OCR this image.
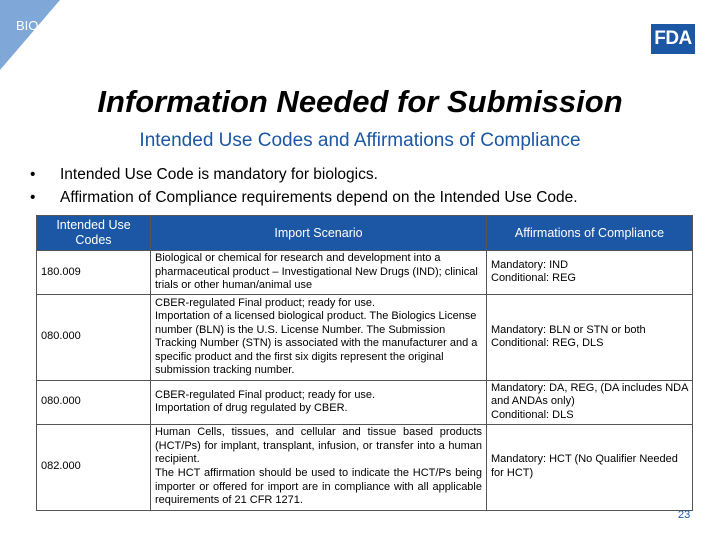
BIO
FDA
Information Needed for Submission
Intended Use Codes and Affirmations of Compliance
• Intended Use Code is mandatory for biologics.
• Affirmation of Compliance requirements depend on the Intended Use Code.
Intended Use Codes	Import Scenario	Affirmations of Compliance
180.009	Biological or chemical for research and development into a pharmaceutical product – Investigational New Drugs (IND); clinical trials or other human/animal use	Mandatory: IND
Conditional: REG
080.000	CBER-regulated Final product; ready for use.
Importation of a licensed biological product. The Biologics License number (BLN) is the U.S. License Number. The Submission Tracking Number (STN) is associated with the manufacturer and a specific product and the first six digits represent the original submission tracking number.	Mandatory: BLN or STN or both
Conditional: REG, DLS
080.000	CBER-regulated Final product; ready for use.
Importation of drug regulated by CBER.	Mandatory: DA, REG, (DA includes NDA and ANDAs only)
Conditional: DLS
082.000	Human Cells, tissues, and cellular and tissue based products (HCT/Ps) for implant, transplant, infusion, or transfer into a human recipient.
The HCT affirmation should be used to indicate the HCT/Ps being importer or offered for import are in compliance with all applicable requirements of 21 CFR 1271.	Mandatory: HCT (No Qualifier Needed for HCT)
23
